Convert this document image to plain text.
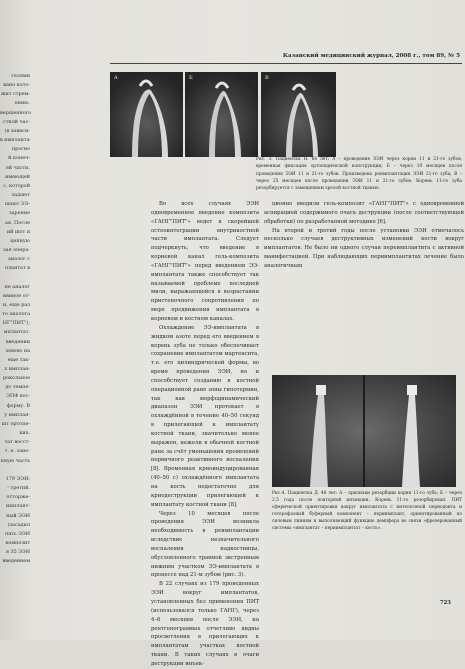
Казанский медицинский журнал, 2008 г., том 89, № 5
гелями
вано кото-
жит стрем-
ению.
вершенного
стной час-
(в зависи-
в импланта-
прогно
й конеч-
ей части,
имеющей
с, которой
задают
шают ЭЭ-
зарение
ая. После
ий шот и
цепную
зая опера-
аналог с
плантат в

не аналог
нвиное от-
и, еще раз
то аналога
НГ"ПИТ"),
мплантат.
введении
землю на
еще так-
х имплан-
рокольное
до темпе-
ЭПФ вос-
форму. В
у имплан-
шт ортопе-
ких.
тат восст-
т. е. зано-
пную часть

179 ЭЭИ:
- третий.
отторже-
имплант-
ный ЭЭИ
(засадил
пять ЭЭИ
композит
в 35 ЭЭИ
введением
A	Б	В
Рис. 3. Пациентка Н. 66 лет: А – проведение ЭЭИ через корни 11 и 21-го зубов, временная фиксация ортопедической конструкции; Б – через 10 месяцев после проведения ЭЭИ 11 и 21-го зубов. Произведена реимплантация ЭЭИ 21-го зуба; В – через 25 месяцев после проведения ЭЭИ 11 и 21-го зубов. Корень 11-го зуба резорбируется с замещением зрелой костной тканью.

Во всех случаях ЭЭИ одновременное введение композита «ГАНГ"ПИТ"» ведет к скорейшей остеоинтеграции внутрикостной части имплантата. Следует подчеркнуть, что введение в корневой канал гель-композита «ГАНГ"ПИТ"» перед введением ЭЭ-имплантата также способствует так называемой проблеме последней мили, выражающейся в возрастании пристеночного сопротивления по мере продвижения имплантата в корневом и костном каналах.

Охлаждение ЭЭ-имплантата в жидком азоте перед его введением в корень зуба не только обеспечивает сохранение имплантатом мартенсита, т.е. его цилиндрической формы, во время проведения ЭЭИ, но и способствует созданию в костной операционной ране зоны гипотермии, так как морфодинамический диапазон ЭЭИ протекает в охлаждённой в течение 40–50 секунд в прилегающей к имплантату костной ткани, значительно менее выражен, нежели в обычной костной ране за счёт уменьшения проявлений первичного реактивного воспаления [8]. Временная криоиндуцированная (40–50 с) охлаждённого имплантата на кость недостаточно для криодеструкции прилегающей к имплантату костной ткани [8].

Через 10 месяцев после проведения ЭЭИ возникла необходимость в реимплантации вследствие незначительного воспаления надкостницы, обусловленного травмой экстренным нижним участком ЭЭ-имплантата в процессе над 21-м зубом (рис. 3).

В 22 случаях из 179 проведенных ЭЭИ вокруг имплантатов, установленных без применения ПИТ (использовался только ГАНГ), через 4–6 месяцев после ЭЭИ, на рентгенограммах отчетливо видны просветления в прилегающих к имплантатам участках костной ткани. В таких случаях в очаги деструкции инъек-

ционно вводили гель-композит «ГАНГ"ПИТ"» с одновременной аспирацией содержимого очага деструкции (после соответствующей обработки) по разработанной методике [6].

На второй и третий годы после установки ЭЭИ отмечалось несколько случаев деструктивных изменений кости вокруг имплантатов. Не было ни одного случая переимплантита с активной манифестацией. При наблюдающих периимплантитах лечение было аналогичным

Рис.4. Пациентка Д. 48 лет: А – признаки резорбции корня 11-го зуба; Б – через 2,5 года после повторной инъекции. Корень 11-го резорбирован. ПИТ сферической ориентировки вокруг имплантата с интелогеной периодонта и гетерофазный буферный компонент – периимплант, ориентированный по силовым линиям и выполняющий функцию демпфера во связи «фрезерованный системы «имплантат – периимплантат – кость».
723
